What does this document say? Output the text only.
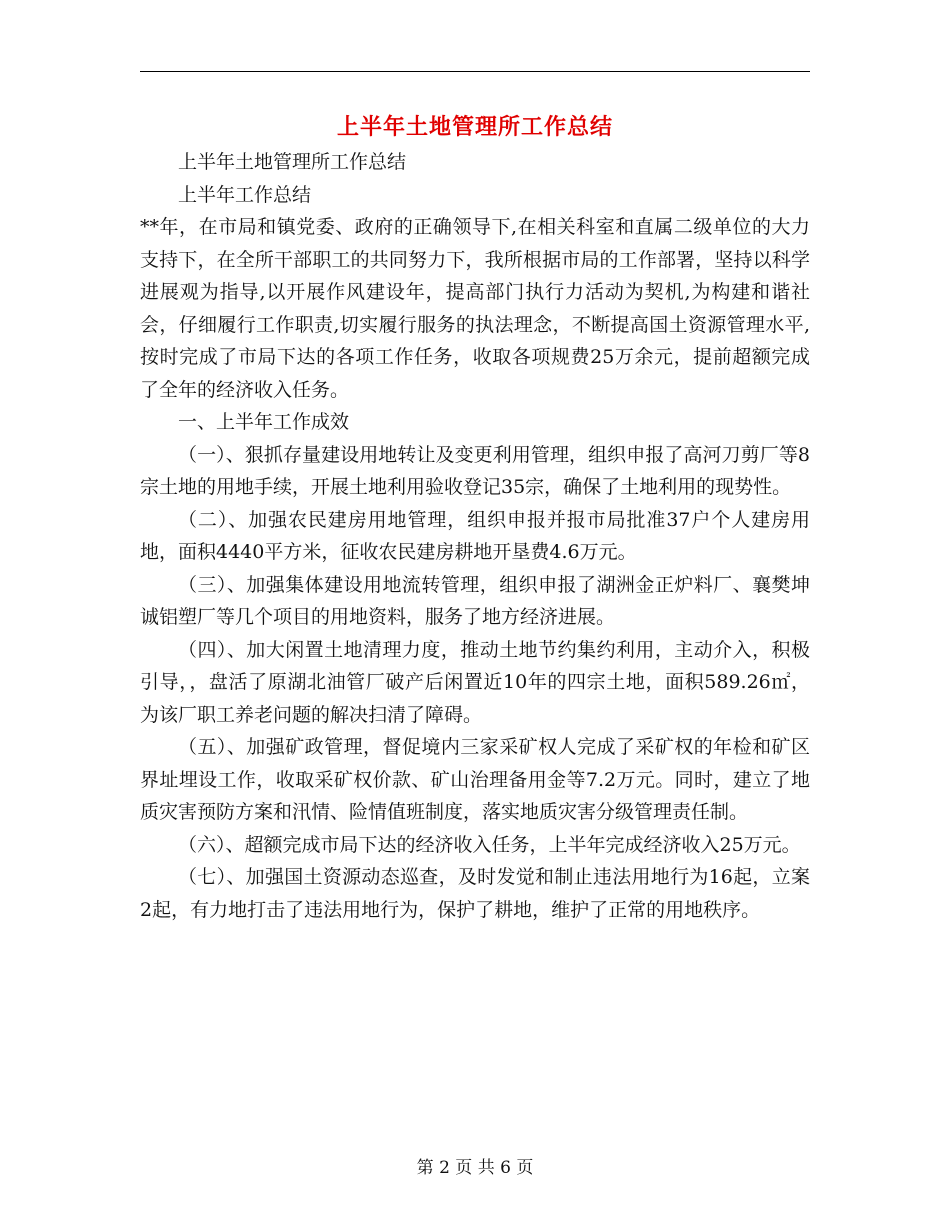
上半年土地管理所工作总结

上半年土地管理所工作总结

上半年工作总结

**年，在市局和镇党委、政府的正确领导下,在相关科室和直属二级单位的大力支持下，在全所干部职工的共同努力下，我所根据市局的工作部署，坚持以科学进展观为指导,以开展作风建设年，提高部门执行力活动为契机,为构建和谐社会，仔细履行工作职责,切实履行服务的执法理念，不断提高国土资源管理水平,按时完成了市局下达的各项工作任务，收取各项规费25万余元，提前超额完成了全年的经济收入任务。

一、上半年工作成效

（一）、狠抓存量建设用地转让及变更利用管理，组织申报了高河刀剪厂等8宗土地的用地手续，开展土地利用验收登记35宗，确保了土地利用的现势性。

（二）、加强农民建房用地管理，组织申报并报市局批准37户个人建房用地，面积4440平方米，征收农民建房耕地开垦费4.6万元。

（三）、加强集体建设用地流转管理，组织申报了湖洲金正炉料厂、襄樊坤诚铝塑厂等几个项目的用地资料，服务了地方经济进展。

（四）、加大闲置土地清理力度，推动土地节约集约利用，主动介入，积极引导，，盘活了原湖北油管厂破产后闲置近10年的四宗土地，面积589.26㎡，为该厂职工养老问题的解决扫清了障碍。

（五）、加强矿政管理，督促境内三家采矿权人完成了采矿权的年检和矿区界址埋设工作，收取采矿权价款、矿山治理备用金等7.2万元。同时，建立了地质灾害预防方案和汛情、险情值班制度，落实地质灾害分级管理责任制。

（六）、超额完成市局下达的经济收入任务，上半年完成经济收入25万元。

（七）、加强国土资源动态巡查，及时发觉和制止违法用地行为16起，立案2起，有力地打击了违法用地行为，保护了耕地，维护了正常的用地秩序。

第 2 页 共 6 页
